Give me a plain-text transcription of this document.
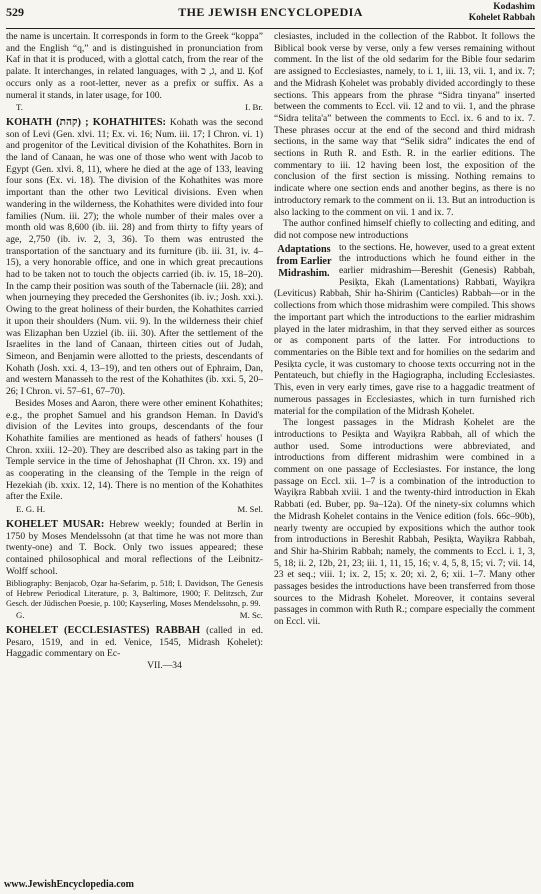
529	THE JEWISH ENCYCLOPEDIA	Kodashim
Kohelet Rabbah

the name is uncertain. It corresponds in form to the Greek “koppa” and the English “q,” and is distinguished in pronunciation from Kaf in that it is produced, with a glottal catch, from the rear of the palate. It interchanges, in related languages, with ג, כ, and ע. Ḳof occurs only as a root-letter, never as a prefix or suffix. As a numeral it stands, in later usage, for 100.

T.	I. Br.

KOHATH (קהת) ; KOHATHITES: Kohath was the second son of Levi (Gen. xlvi. 11; Ex. vi. 16; Num. iii. 17; I Chron. vi. 1) and progenitor of the Levitical division of the Kohathites. Born in the land of Canaan, he was one of those who went with Jacob to Egypt (Gen. xlvi. 8, 11), where he died at the age of 133, leaving four sons (Ex. vi. 18). The division of the Kohathites was more important than the other two Levitical divisions. Even when wandering in the wilderness, the Kohathites were divided into four families (Num. iii. 27); the whole number of their males over a month old was 8,600 (ib. iii. 28) and from thirty to fifty years of age, 2,750 (ib. iv. 2, 3, 36). To them was entrusted the transportation of the sanctuary and its furniture (ib. iii. 31, iv. 4–15), a very honorable office, and one in which great precautions had to be taken not to touch the objects carried (ib. iv. 15, 18–20). In the camp their position was south of the Tabernacle (iii. 28); and when journeying they preceded the Gershonites (ib. iv.; Josh. xxi.). Owing to the great holiness of their burden, the Kohathites carried it upon their shoulders (Num. vii. 9). In the wilderness their chief was Elizaphan ben Uzziel (ib. iii. 30). After the settlement of the Israelites in the land of Canaan, thirteen cities out of Judah, Simeon, and Benjamin were allotted to the priests, descendants of Kohath (Josh. xxi. 4, 13–19), and ten others out of Ephraim, Dan, and western Manasseh to the rest of the Kohathites (ib. xxi. 5, 20–26; I Chron. vi. 57–61, 67–70).

Besides Moses and Aaron, there were other eminent Kohathites; e.g., the prophet Samuel and his grandson Heman. In David's division of the Levites into groups, descendants of the four Kohathite families are mentioned as heads of fathers' houses (I Chron. xxiii. 12–20). They are described also as taking part in the Temple service in the time of Jehoshaphat (II Chron. xx. 19) and as cooperating in the cleansing of the Temple in the reign of Hezekiah (ib. xxix. 12, 14). There is no mention of the Kohathites after the Exile.

E. G. H.	M. Sel.

KOHELET MUSAR: Hebrew weekly; founded at Berlin in 1750 by Moses Mendelssohn (at that time he was not more than twenty-one) and T. Bock. Only two issues appeared; these contained philosophical and moral reflections of the Leibnitz-Wolff school.

Bibliography: Benjacob, Oẓar ha-Sefarim, p. 518; I. Davidson, The Genesis of Hebrew Periodical Literature, p. 3, Baltimore, 1900; F. Delitzsch, Zur Gesch. der Jüdischen Poesie, p. 100; Kayserling, Moses Mendelssohn, p. 99.

G.	M. Sc.

KOHELET (ECCLESIASTES) RABBAH (called in ed. Pesaro, 1519, and in ed. Venice, 1545, Midrash Ḳohelet): Haggadic commentary on Ec-

VII.—34

clesiastes, included in the collection of the Rabbot. It follows the Biblical book verse by verse, only a few verses remaining without comment. In the list of the old sedarim for the Bible four sedarim are assigned to Ecclesiastes, namely, to i. 1, iii. 13, vii. 1, and ix. 7; and the Midrash Ḳohelet was probably divided accordingly to these sections. This appears from the phrase “Sidra tinyana” inserted between the comments to Eccl. vii. 12 and to vii. 1, and the phrase “Sidra telita'a” between the comments to Eccl. ix. 6 and to ix. 7. These phrases occur at the end of the second and third midrash sections, in the same way that “Selik sidra” indicates the end of sections in Ruth R. and Esth. R. in the earlier editions. The commentary to iii. 12 having been lost, the exposition of the conclusion of the first section is missing. Nothing remains to indicate where one section ends and another begins, as there is no introductory remark to the comment on ii. 13. But an introduction is also lacking to the comment on vii. 1 and ix. 7.

The author confined himself chiefly to collecting and editing, and did not compose new introductions

Adaptations from Earlier Midrashim.

to the sections. He, however, used to a great extent the introductions which he found either in the earlier midrashim—Bereshit (Genesis) Rabbah, Pesiḳta, Ekah (Lamentations) Rabbati, Wayiḳra (Leviticus) Rabbah, Shir ha-Shirim (Canticles) Rabbah—or in the collections from which those midrashim were compiled. This shows the important part which the introductions to the earlier midrashim played in the later midrashim, in that they served either as sources or as component parts of the latter. For introductions to commentaries on the Bible text and for homilies on the sedarim and Pesiḳta cycle, it was customary to choose texts occurring not in the Pentateuch, but chiefly in the Hagiographa, including Ecclesiastes. This, even in very early times, gave rise to a haggadic treatment of numerous passages in Ecclesiastes, which in turn furnished rich material for the compilation of the Midrash Ḳohelet.

The longest passages in the Midrash Ḳohelet are the introductions to Pesiḳta and Wayiḳra Rabbah, all of which the author used. Some introductions were abbreviated, and introductions from different midrashim were combined in a comment on one passage of Ecclesiastes. For instance, the long passage on Eccl. xii. 1–7 is a combination of the introduction to Wayiḳra Rabbah xviii. 1 and the twenty-third introduction in Ekah Rabbati (ed. Buber, pp. 9a–12a). Of the ninety-six columns which the Midrash Ḳohelet contains in the Venice edition (fols. 66c–90b), nearly twenty are occupied by expositions which the author took from introductions in Bereshit Rabbah, Pesiḳta, Wayiḳra Rabbah, and Shir ha-Shirim Rabbah; namely, the comments to Eccl. i. 1, 3, 5, 18; ii. 2, 12b, 21, 23; iii. 1, 11, 15, 16; v. 4, 5, 8, 15; vi. 7; vii. 14, 23 et seq.; viii. 1; ix. 2, 15; x. 20; xi. 2, 6; xii. 1–7. Many other passages besides the introductions have been transferred from those sources to the Midrash Ḳohelet. Moreover, it contains several passages in common with Ruth R.; compare especially the comment on Eccl. vii.

www.JewishEncyclopedia.com
